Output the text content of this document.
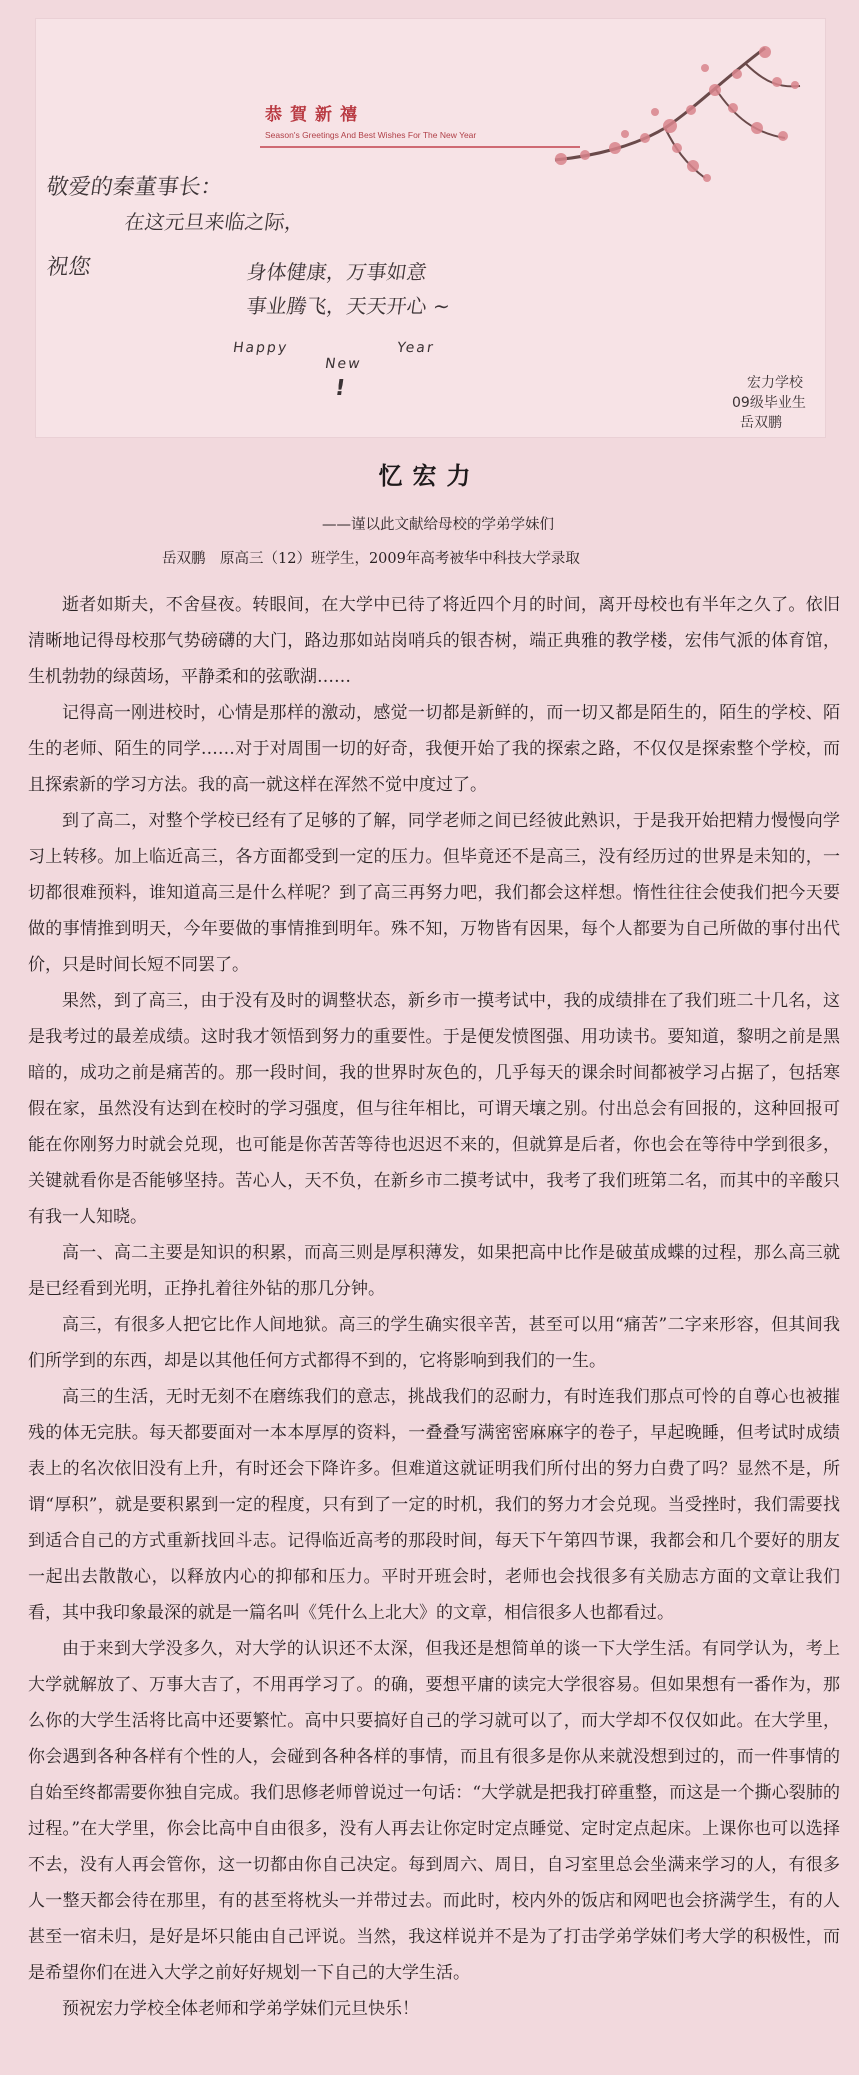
恭賀新禧
Season's Greetings And Best Wishes For The New Year
敬爱的秦董事长：
在这元旦来临之际，
祝您	身体健康，万事如意
事业腾飞，天天开心 ~
Happy	Year
New
!	宏力学校
09级毕业生
岳双鹏
忆宏力
——谨以此文献给母校的学弟学妹们
岳双鹏　原高三（12）班学生，2009年高考被华中科技大学录取

逝者如斯夫，不舍昼夜。转眼间，在大学中已待了将近四个月的时间，离开母校也有半年之久了。依旧清晰地记得母校那气势磅礴的大门，路边那如站岗哨兵的银杏树，端正典雅的教学楼，宏伟气派的体育馆，生机勃勃的绿茵场，平静柔和的弦歌湖……

记得高一刚进校时，心情是那样的激动，感觉一切都是新鲜的，而一切又都是陌生的，陌生的学校、陌生的老师、陌生的同学……对于对周围一切的好奇，我便开始了我的探索之路，不仅仅是探索整个学校，而且探索新的学习方法。我的高一就这样在浑然不觉中度过了。

到了高二，对整个学校已经有了足够的了解，同学老师之间已经彼此熟识，于是我开始把精力慢慢向学习上转移。加上临近高三，各方面都受到一定的压力。但毕竟还不是高三，没有经历过的世界是未知的，一切都很难预料，谁知道高三是什么样呢？到了高三再努力吧，我们都会这样想。惰性往往会使我们把今天要做的事情推到明天，今年要做的事情推到明年。殊不知，万物皆有因果，每个人都要为自己所做的事付出代价，只是时间长短不同罢了。

果然，到了高三，由于没有及时的调整状态，新乡市一摸考试中，我的成绩排在了我们班二十几名，这是我考过的最差成绩。这时我才领悟到努力的重要性。于是便发愤图强、用功读书。要知道，黎明之前是黑暗的，成功之前是痛苦的。那一段时间，我的世界时灰色的，几乎每天的课余时间都被学习占据了，包括寒假在家，虽然没有达到在校时的学习强度，但与往年相比，可谓天壤之别。付出总会有回报的，这种回报可能在你刚努力时就会兑现，也可能是你苦苦等待也迟迟不来的，但就算是后者，你也会在等待中学到很多，关键就看你是否能够坚持。苦心人，天不负，在新乡市二摸考试中，我考了我们班第二名，而其中的辛酸只有我一人知晓。

高一、高二主要是知识的积累，而高三则是厚积薄发，如果把高中比作是破茧成蝶的过程，那么高三就是已经看到光明，正挣扎着往外钻的那几分钟。

高三，有很多人把它比作人间地狱。高三的学生确实很辛苦，甚至可以用“痛苦”二字来形容，但其间我们所学到的东西，却是以其他任何方式都得不到的，它将影响到我们的一生。

高三的生活，无时无刻不在磨练我们的意志，挑战我们的忍耐力，有时连我们那点可怜的自尊心也被摧残的体无完肤。每天都要面对一本本厚厚的资料，一叠叠写满密密麻麻字的卷子，早起晚睡，但考试时成绩表上的名次依旧没有上升，有时还会下降许多。但难道这就证明我们所付出的努力白费了吗？显然不是，所谓“厚积”，就是要积累到一定的程度，只有到了一定的时机，我们的努力才会兑现。当受挫时，我们需要找到适合自己的方式重新找回斗志。记得临近高考的那段时间，每天下午第四节课，我都会和几个要好的朋友一起出去散散心，以释放内心的抑郁和压力。平时开班会时，老师也会找很多有关励志方面的文章让我们看，其中我印象最深的就是一篇名叫《凭什么上北大》的文章，相信很多人也都看过。

由于来到大学没多久，对大学的认识还不太深，但我还是想简单的谈一下大学生活。有同学认为，考上大学就解放了、万事大吉了，不用再学习了。的确，要想平庸的读完大学很容易。但如果想有一番作为，那么你的大学生活将比高中还要繁忙。高中只要搞好自己的学习就可以了，而大学却不仅仅如此。在大学里，你会遇到各种各样有个性的人，会碰到各种各样的事情，而且有很多是你从来就没想到过的，而一件事情的自始至终都需要你独自完成。我们思修老师曾说过一句话：“大学就是把我打碎重整，而这是一个撕心裂肺的过程。”在大学里，你会比高中自由很多，没有人再去让你定时定点睡觉、定时定点起床。上课你也可以选择不去，没有人再会管你，这一切都由你自己决定。每到周六、周日，自习室里总会坐满来学习的人，有很多人一整天都会待在那里，有的甚至将枕头一并带过去。而此时，校内外的饭店和网吧也会挤满学生，有的人甚至一宿未归，是好是坏只能由自己评说。当然，我这样说并不是为了打击学弟学妹们考大学的积极性，而是希望你们在进入大学之前好好规划一下自己的大学生活。

预祝宏力学校全体老师和学弟学妹们元旦快乐！
